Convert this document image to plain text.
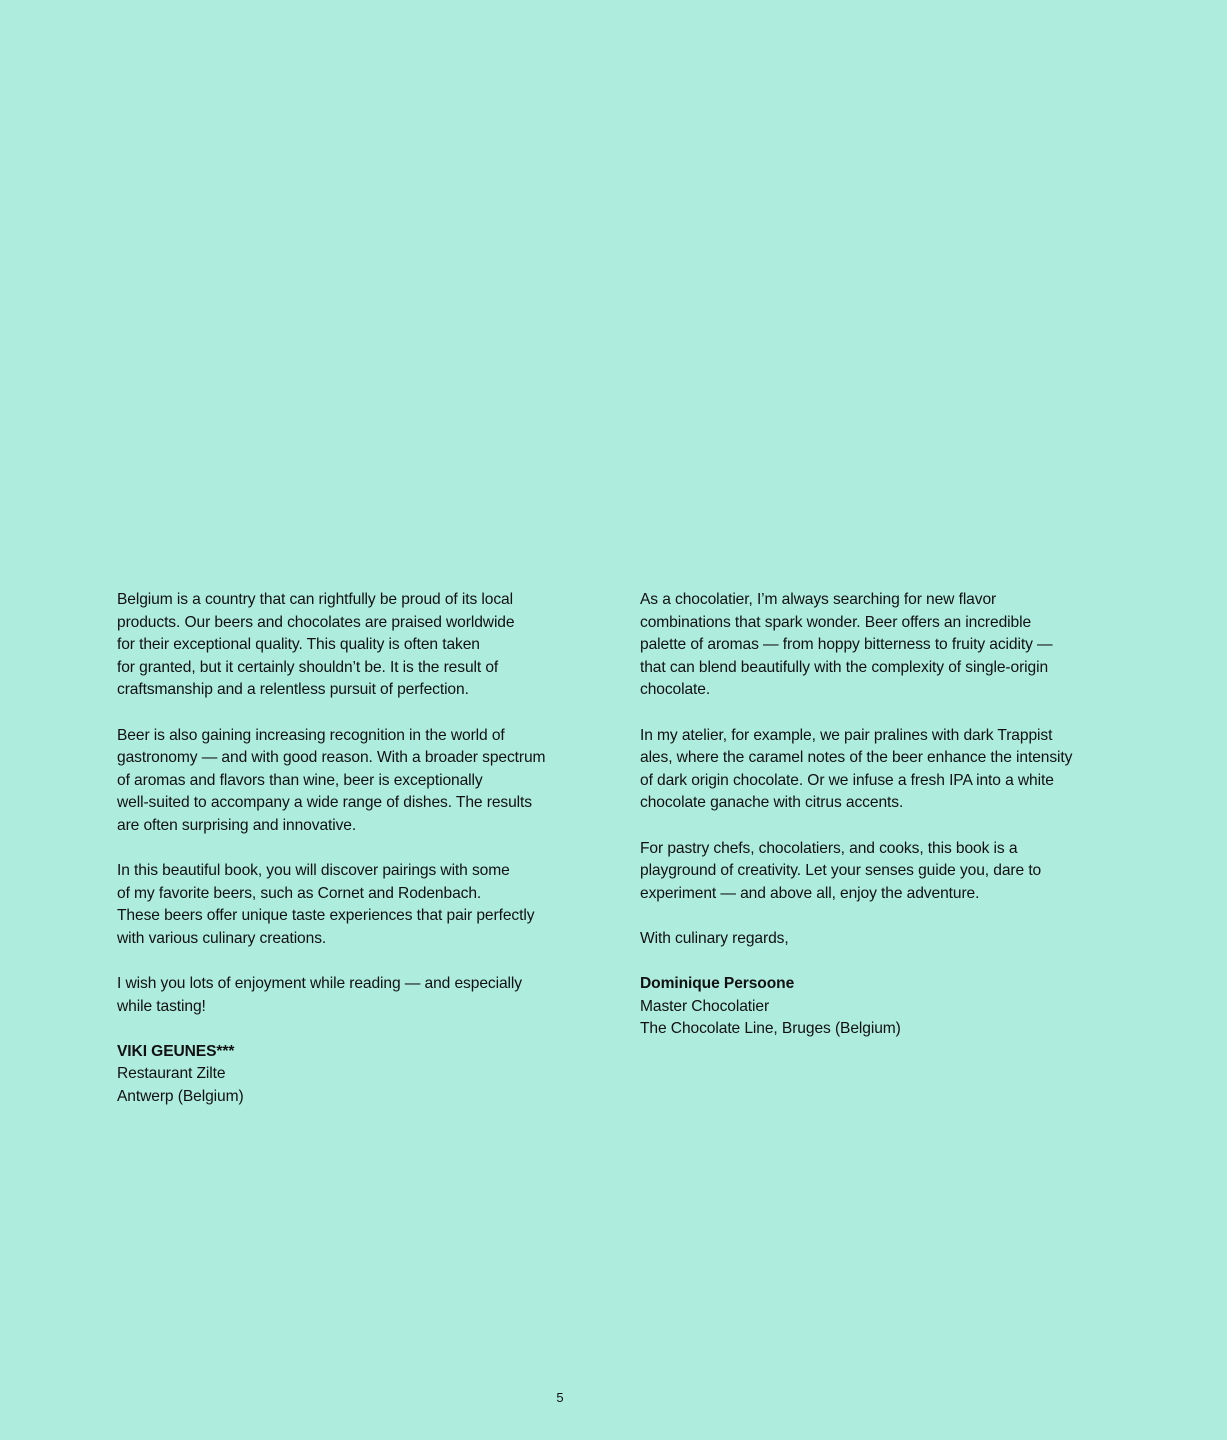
Belgium is a country that can rightfully be proud of its local
products. Our beers and chocolates are praised worldwide
for their exceptional quality. This quality is often taken
for granted, but it certainly shouldn’t be. It is the result of
craftsmanship and a relentless pursuit of perfection.

Beer is also gaining increasing recognition in the world of
gastronomy — and with good reason. With a broader spectrum
of aromas and flavors than wine, beer is exceptionally
well-suited to accompany a wide range of dishes. The results
are often surprising and innovative.

In this beautiful book, you will discover pairings with some
of my favorite beers, such as Cornet and Rodenbach.
These beers offer unique taste experiences that pair perfectly
with various culinary creations.

I wish you lots of enjoyment while reading — and especially
while tasting!

VIKI GEUNES***
Restaurant Zilte
Antwerp (Belgium)

As a chocolatier, I’m always searching for new flavor
combinations that spark wonder. Beer offers an incredible
palette of aromas — from hoppy bitterness to fruity acidity —
that can blend beautifully with the complexity of single-origin
chocolate.

In my atelier, for example, we pair pralines with dark Trappist
ales, where the caramel notes of the beer enhance the intensity
of dark origin chocolate. Or we infuse a fresh IPA into a white
chocolate ganache with citrus accents.

For pastry chefs, chocolatiers, and cooks, this book is a
playground of creativity. Let your senses guide you, dare to
experiment — and above all, enjoy the adventure.

With culinary regards,

Dominique Persoone
Master Chocolatier
The Chocolate Line, Bruges (Belgium)

5
